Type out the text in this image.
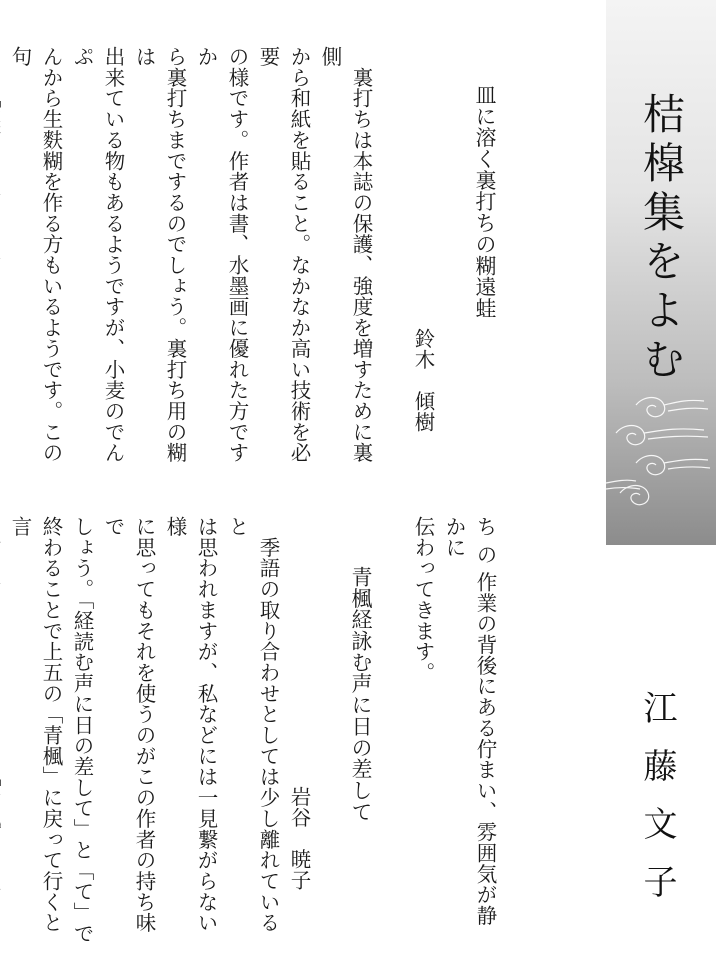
桔槹集をよむ
江藤文子
皿に溶く裏打ちの糊遠蛙
鈴木　傾樹
　裏打ちは本誌の保護、強度を増すために裏側
から和紙を貼ること。なかなか高い技術を必要
の様です。作者は書、水墨画に優れた方ですか
ら裏打ちまでするのでしょう。裏打ち用の糊は
出来ている物もあるようですが、小麦のでんぷ
んから生麩糊を作る方もいるようです。この句
ち の 作業の背後にある佇まい、雰囲気が静かに
伝わってきます。
青楓経詠む声に日の差して
岩谷　暁子
　季語の取り合わせとしては少し離れていると
は思われますが、私などには一見繋がらない様
に思ってもそれを使うのがこの作者の持ち味で
しょう。「経読む声に日の差して」と「て」で
終わることで上五の「青楓」に戻って行くと言
